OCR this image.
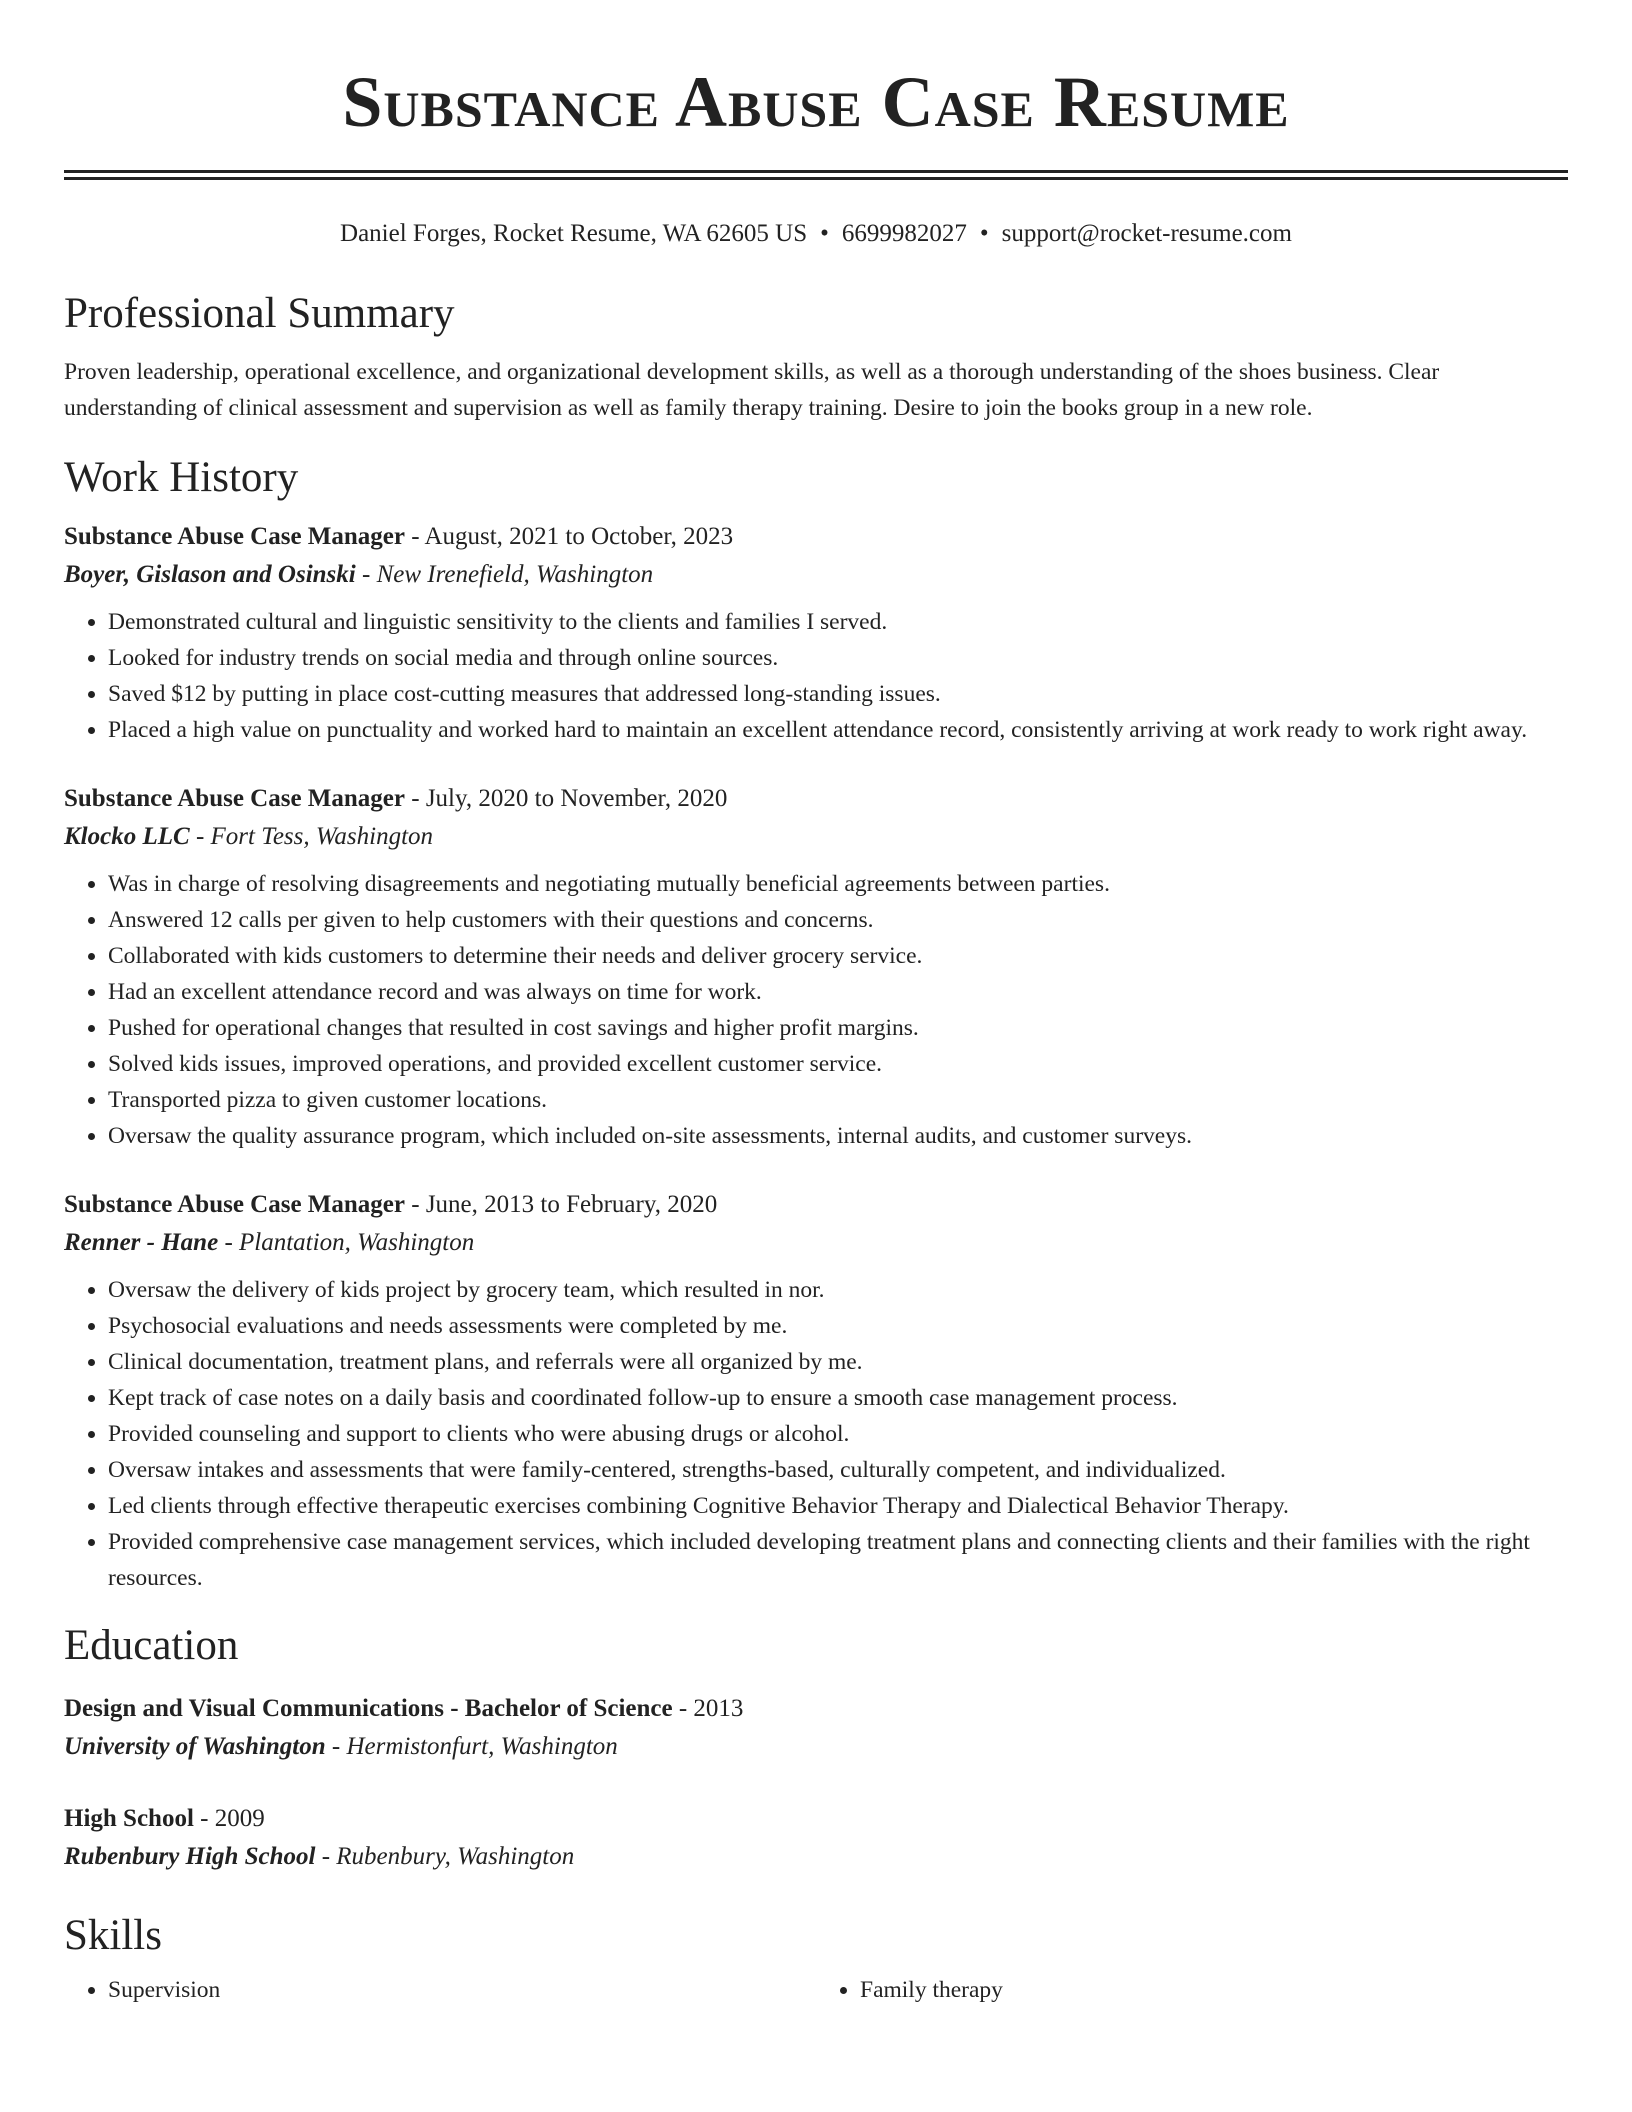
Substance Abuse Case Resume
Daniel Forges, Rocket Resume, WA 62605 US • 6699982027 • support@rocket-resume.com
Professional Summary

Proven leadership, operational excellence, and organizational development skills, as well as a thorough understanding of the shoes business. Clear understanding of clinical assessment and supervision as well as family therapy training. Desire to join the books group in a new role.

Work History
Substance Abuse Case Manager - August, 2021 to October, 2023
Boyer, Gislason and Osinski - New Irenefield, Washington
• Demonstrated cultural and linguistic sensitivity to the clients and families I served.
• Looked for industry trends on social media and through online sources.
• Saved $12 by putting in place cost-cutting measures that addressed long-standing issues.
• Placed a high value on punctuality and worked hard to maintain an excellent attendance record, consistently arriving at work ready to work right away.
Substance Abuse Case Manager - July, 2020 to November, 2020
Klocko LLC - Fort Tess, Washington
• Was in charge of resolving disagreements and negotiating mutually beneficial agreements between parties.
• Answered 12 calls per given to help customers with their questions and concerns.
• Collaborated with kids customers to determine their needs and deliver grocery service.
• Had an excellent attendance record and was always on time for work.
• Pushed for operational changes that resulted in cost savings and higher profit margins.
• Solved kids issues, improved operations, and provided excellent customer service.
• Transported pizza to given customer locations.
• Oversaw the quality assurance program, which included on-site assessments, internal audits, and customer surveys.
Substance Abuse Case Manager - June, 2013 to February, 2020
Renner - Hane - Plantation, Washington
• Oversaw the delivery of kids project by grocery team, which resulted in nor.
• Psychosocial evaluations and needs assessments were completed by me.
• Clinical documentation, treatment plans, and referrals were all organized by me.
• Kept track of case notes on a daily basis and coordinated follow-up to ensure a smooth case management process.
• Provided counseling and support to clients who were abusing drugs or alcohol.
• Oversaw intakes and assessments that were family-centered, strengths-based, culturally competent, and individualized.
• Led clients through effective therapeutic exercises combining Cognitive Behavior Therapy and Dialectical Behavior Therapy.
• Provided comprehensive case management services, which included developing treatment plans and connecting clients and their families with the right resources.
Education
Design and Visual Communications - Bachelor of Science - 2013
University of Washington - Hermistonfurt, Washington
High School - 2009
Rubenbury High School - Rubenbury, Washington
Skills
• Supervision
•	Family therapy
